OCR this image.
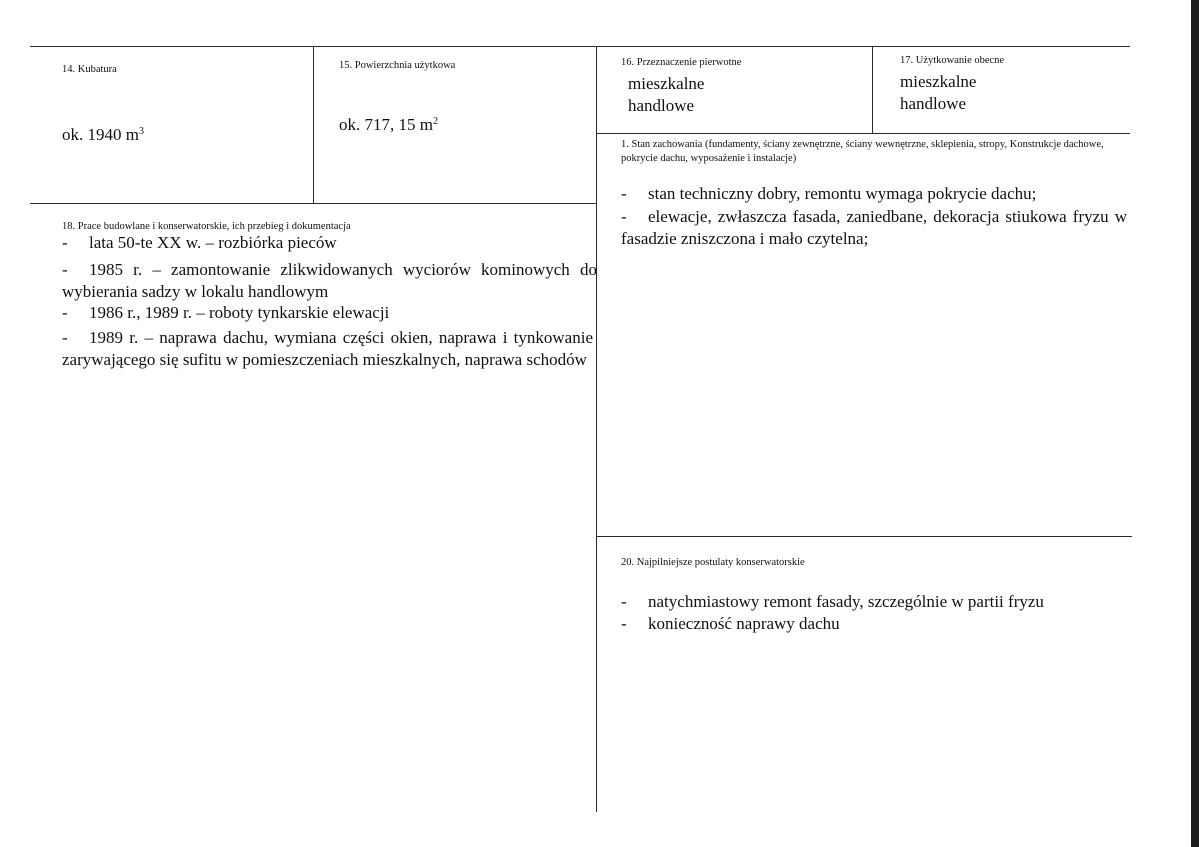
14. Kubatura
ok. 1940 $m^3$
15. Powierzchnia użytkowa
ok. 717, 15 $m^2$
16. Przeznaczenie pierwotne
mieszkalne
handlowe
17. Użytkowanie obecne
mieszkalne
handlowe
18. Prace budowlane i konserwatorskie, ich przebieg i dokumentacja
- lata 50-te XX w. – rozbiórka pieców
- 1985 r. – zamontowanie zlikwidowanych wyciorów kominowych do wybierania sadzy w lokalu handlowym
- 1986 r., 1989 r. – roboty tynkarskie elewacji
- 1989 r. – naprawa dachu, wymiana części okien, naprawa i tynkowanie zarywającego się sufitu w pomieszczeniach mieszkalnych, naprawa schodów
1. Stan zachowania (fundamenty, ściany zewnętrzne, ściany wewnętrzne, sklepienia, stropy, Konstrukcje dachowe, pokrycie dachu, wyposażenie i instalacje)
- stan techniczny dobry, remontu wymaga pokrycie dachu;
- elewacje, zwłaszcza fasada, zaniedbane, dekoracja stiukowa fryzu w fasadzie zniszczona i mało czytelna;
20. Najpilniejsze postulaty konserwatorskie
- natychmiastowy remont fasady, szczególnie w partii fryzu
- konieczność naprawy dachu
